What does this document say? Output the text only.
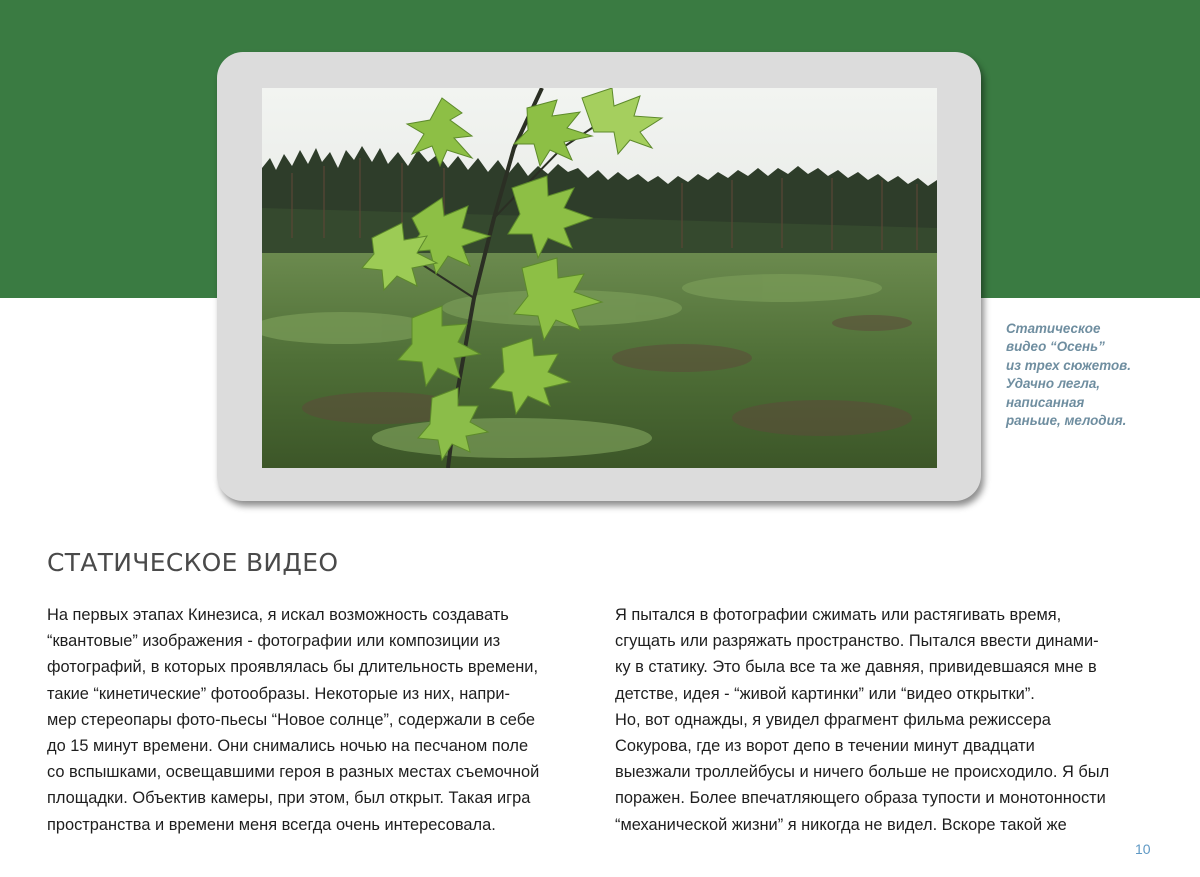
Статическое
видео “Осень”
из трех сюжетов.
Удачно легла,
написанная
раньше, мелодия.
СТАТИЧЕСКОЕ ВИДЕО
На первых этапах Кинезиса, я искал возможность создавать
“квантовые” изображения - фотографии или композиции из
фотографий, в которых проявлялась бы длительность времени,
такие “кинетические” фотообразы. Некоторые из них, напри-
мер стереопары фото-пьесы “Новое солнце”, содержали в себе
до 15 минут времени. Они снимались ночью на песчаном поле
со вспышками, освещавшими героя в разных местах съемочной
площадки. Объектив камеры, при этом, был открыт. Такая игра
пространства и времени меня всегда очень интересовала.
Я пытался в фотографии сжимать или растягивать время,
сгущать или разряжать пространство. Пытался ввести динами-
ку в статику. Это была все та же давняя, привидевшаяся мне в
детстве, идея - “живой картинки” или “видео открытки”.
Но, вот однажды, я увидел фрагмент фильма режиссера
Сокурова, где из ворот депо в течении минут двадцати
выезжали троллейбусы и ничего больше не происходило. Я был
поражен. Более впечатляющего образа тупости и монотонности
“механической жизни” я никогда не видел. Вскоре такой же
10
